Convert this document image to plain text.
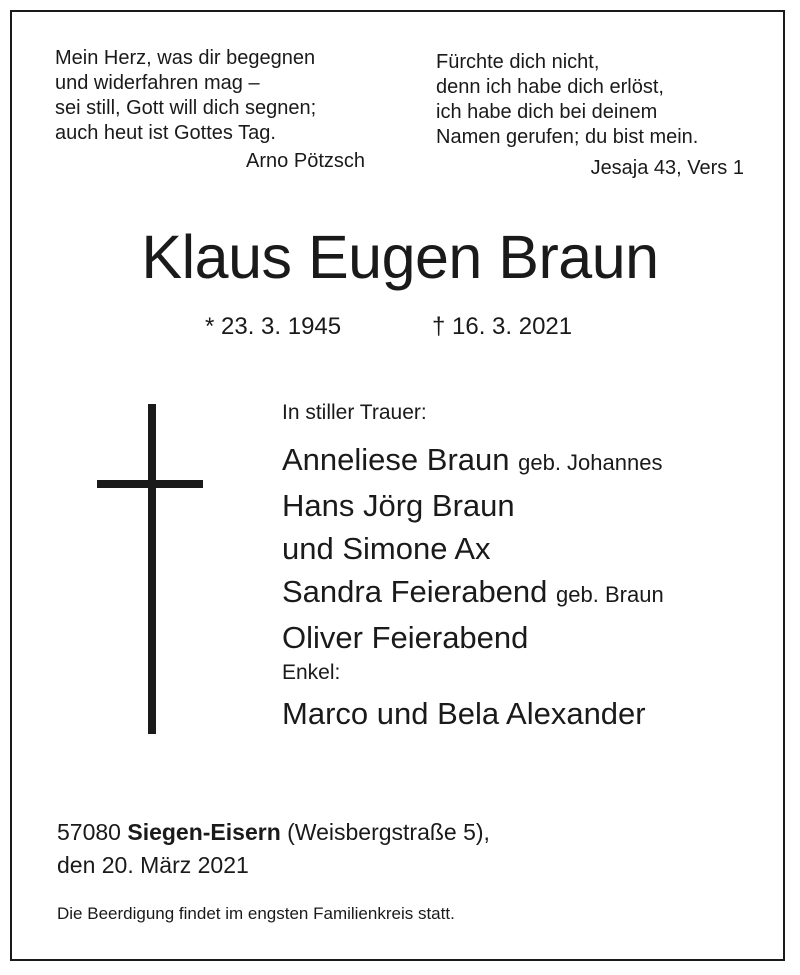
Mein Herz, was dir begegnen
und widerfahren mag –
sei still, Gott will dich segnen;
auch heut ist Gottes Tag.
Arno Pötzsch
Fürchte dich nicht,
denn ich habe dich erlöst,
ich habe dich bei deinem
Namen gerufen; du bist mein.
Jesaja 43, Vers 1
Klaus Eugen Braun
* 23. 3. 1945	† 16. 3. 2021
In stiller Trauer:
Anneliese Braun geb. Johannes
Hans Jörg Braun
und Simone Ax
Sandra Feierabend geb. Braun
Oliver Feierabend
Enkel:
Marco und Bela Alexander
57080 Siegen-Eisern (Weisbergstraße 5),
den 20. März 2021
Die Beerdigung findet im engsten Familienkreis statt.
